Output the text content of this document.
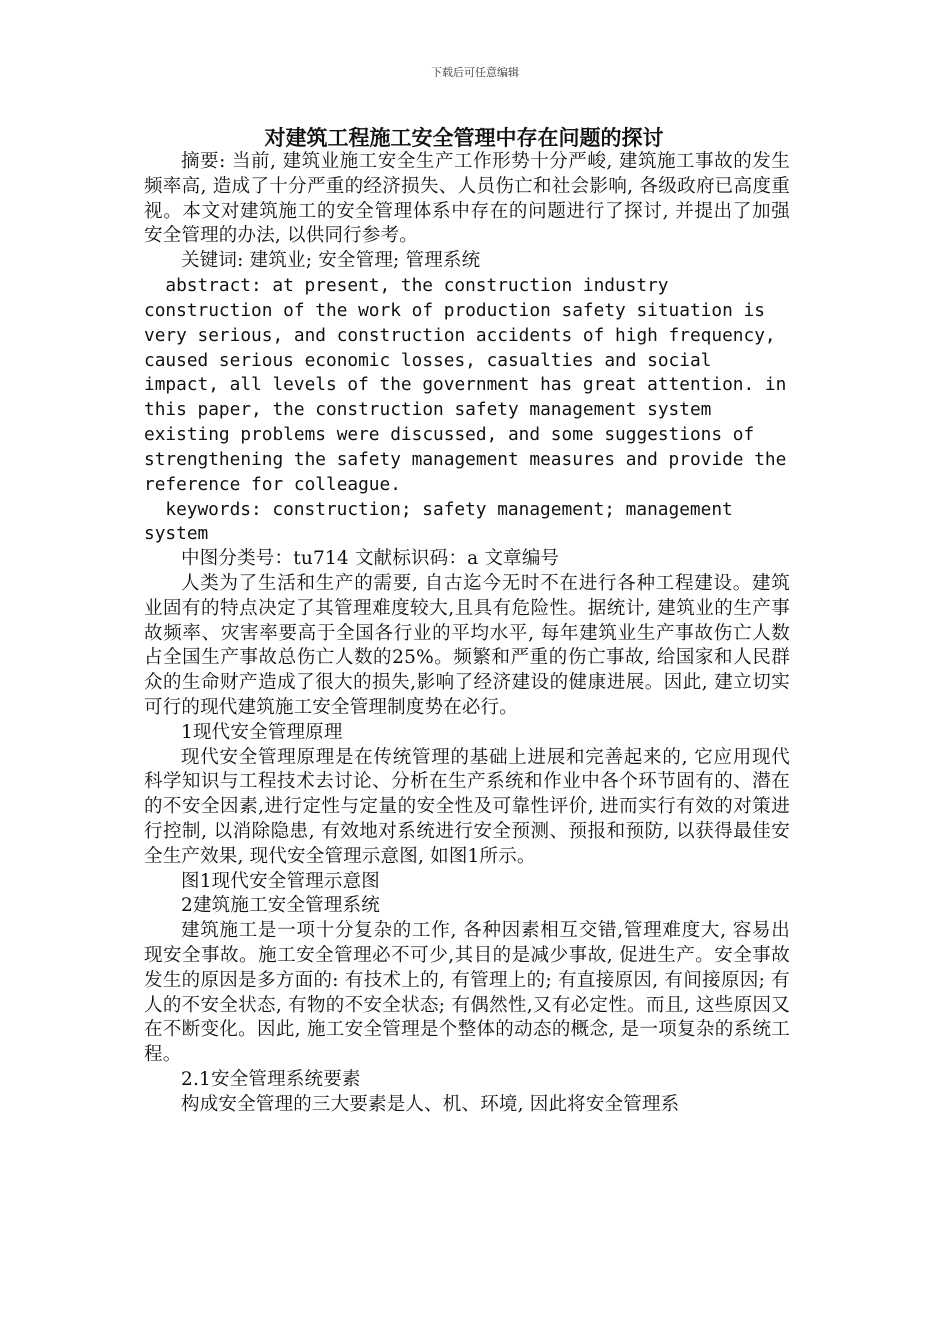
下载后可任意编辑
对建筑工程施工安全管理中存在问题的探讨

摘要: 当前, 建筑业施工安全生产工作形势十分严峻, 建筑施工事故的发生频率高, 造成了十分严重的经济损失、人员伤亡和社会影响, 各级政府已高度重视。本文对建筑施工的安全管理体系中存在的问题进行了探讨, 并提出了加强安全管理的办法, 以供同行参考。

关键词: 建筑业; 安全管理; 管理系统

abstract: at present, the construction industry construction of the work of production safety situation is very serious, and construction accidents of high frequency, caused serious economic losses, casualties and social impact, all levels of the government has great attention. in this paper, the construction safety management system existing problems were discussed, and some suggestions of strengthening the safety management measures and provide the reference for colleague.

keywords: construction; safety management; management system

中图分类号：tu714 文献标识码：a 文章编号

人类为了生活和生产的需要, 自古迄今无时不在进行各种工程建设。建筑业固有的特点决定了其管理难度较大,且具有危险性。据统计, 建筑业的生产事故频率、灾害率要高于全国各行业的平均水平, 每年建筑业生产事故伤亡人数占全国生产事故总伤亡人数的25%。频繁和严重的伤亡事故, 给国家和人民群众的生命财产造成了很大的损失,影响了经济建设的健康进展。因此, 建立切实可行的现代建筑施工安全管理制度势在必行。

1现代安全管理原理

现代安全管理原理是在传统管理的基础上进展和完善起来的, 它应用现代科学知识与工程技术去讨论、分析在生产系统和作业中各个环节固有的、潜在的不安全因素,进行定性与定量的安全性及可靠性评价, 进而实行有效的对策进行控制, 以消除隐患, 有效地对系统进行安全预测、预报和预防, 以获得最佳安全生产效果, 现代安全管理示意图, 如图1所示。

图1现代安全管理示意图

2建筑施工安全管理系统

建筑施工是一项十分复杂的工作, 各种因素相互交错,管理难度大, 容易出现安全事故。施工安全管理必不可少,其目的是减少事故, 促进生产。安全事故发生的原因是多方面的: 有技术上的, 有管理上的; 有直接原因, 有间接原因; 有人的不安全状态, 有物的不安全状态; 有偶然性,又有必定性。而且, 这些原因又在不断变化。因此, 施工安全管理是个整体的动态的概念, 是一项复杂的系统工程。

2.1安全管理系统要素

构成安全管理的三大要素是人、机、环境, 因此将安全管理系
